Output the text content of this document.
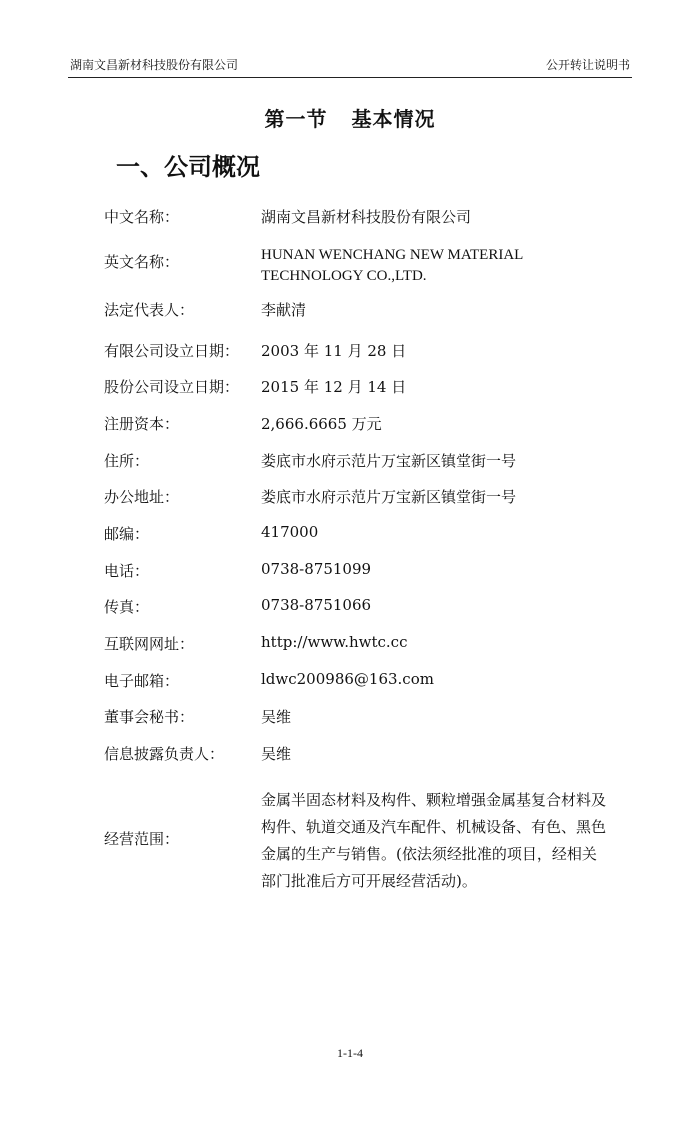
湖南文昌新材科技股份有限公司	公开转让说明书
第一节 基本情况
一、公司概况
中文名称：	湖南文昌新材科技股份有限公司
英文名称：	HUNAN WENCHANG NEW MATERIAL
TECHNOLOGY CO.,LTD.
法定代表人：	李献清
有限公司设立日期： 2003 年 11 月 28 日
股份公司设立日期： 2015 年 12 月 14 日
注册资本：	2,666.6665 万元
住所：	娄底市水府示范片万宝新区镇堂街一号
办公地址：	娄底市水府示范片万宝新区镇堂街一号
邮编：	417000
电话：	0738-8751099
传真：	0738-8751066
互联网网址：	http://www.hwtc.cc
电子邮箱：	ldwc200986@163.com
董事会秘书：	吴维
信息披露负责人： 吴维
经营范围：
金属半固态材料及构件、颗粒增强金属基复合材料及
构件、轨道交通及汽车配件、机械设备、有色、黑色
金属的生产与销售。(依法须经批准的项目，经相关
部门批准后方可开展经营活动)。
1-1-4
